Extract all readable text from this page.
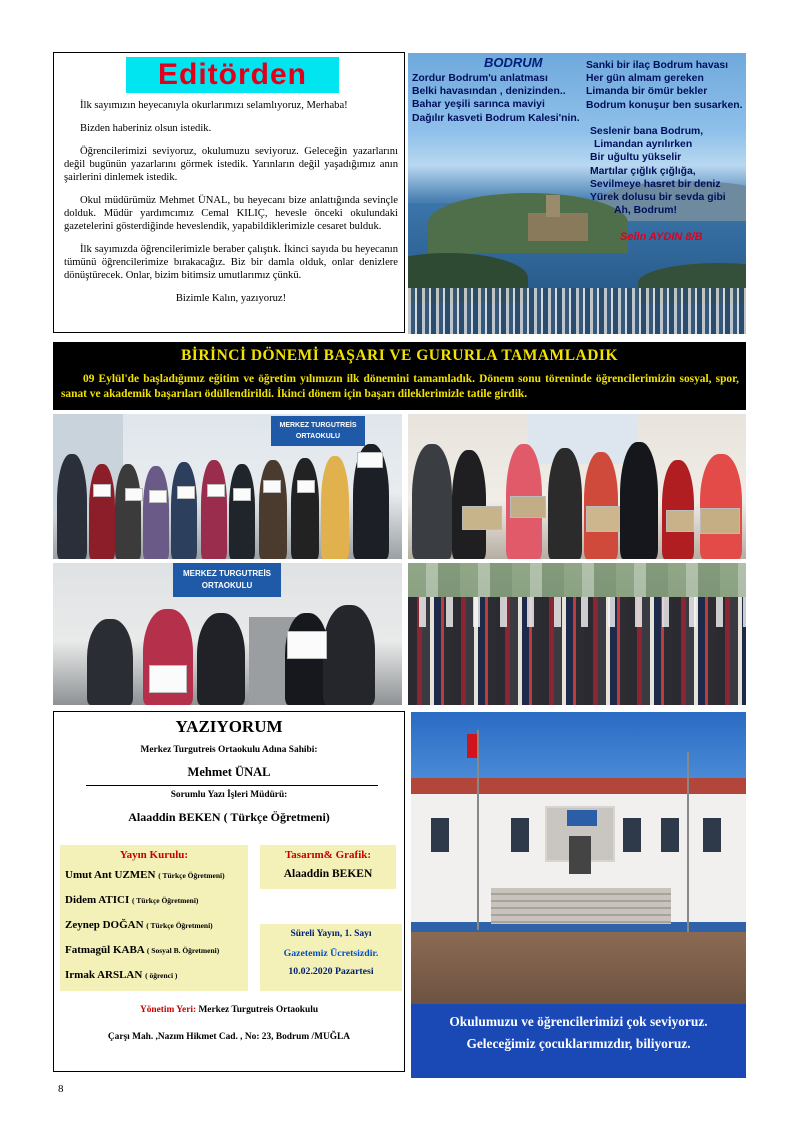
Editörden

İlk sayımızın heyecanıyla okurlarımızı selamlıyoruz, Merhaba!

Bizden haberiniz olsun istedik.

Öğrencilerimizi seviyoruz, okulumuzu seviyoruz. Geleceğin yazarlarını değil bugünün yazarlarını görmek istedik. Yarınların değil yaşadığımız anın şairlerini dinlemek istedik.

Okul müdürümüz Mehmet ÜNAL, bu heyecanı bize anlattığında sevinçle dolduk. Müdür yardımcımız Cemal KILIÇ, hevesle önceki okulundaki gazetelerini gösterdiğinde heveslendik, yapabildiklerimizle cesaret bulduk.

İlk sayımızda öğrencilerimizle beraber çalıştık. İkinci sayıda bu heyecanın tümünü öğrencilerimize bırakacağız. Biz bir damla olduk, onlar denizlere dönüştürecek. Onlar, bizim bitimsiz umutlarımız çünkü.

Bizimle Kalın, yazıyoruz!

BODRUM
Zordur Bodrum'u anlatması
Belki havasından , denizinden..
Bahar yeşili sarınca maviyi
Dağılır kasveti Bodrum Kalesi'nin.
Sanki bir ilaç Bodrum havası
Her gün almam gereken
Limanda bir ömür bekler
Bodrum konuşur ben susarken.
Seslenir bana Bodrum,
Limandan ayrılırken
Bir uğultu yükselir
Martılar çığlık çığlığa,
Sevilmeye hasret bir deniz
Yürek dolusu bir sevda gibi
Ah, Bodrum!
Selin AYDIN 8/B
BİRİNCİ DÖNEMİ BAŞARI VE GURURLA TAMAMLADIK
09 Eylül'de başladığımız eğitim ve öğretim yılımızın ilk dönemini tamamladık. Dönem sonu töreninde öğrencilerimizin sosyal, spor, sanat ve akademik başarıları ödüllendirildi. İkinci dönem için başarı dileklerimizle tatile girdik.
MERKEZ TURGUTREİS
ORTAOKULU
MERKEZ TURGUTREİS
ORTAOKULU
YAZIYORUM
Merkez Turgutreis Ortaokulu Adına Sahibi:
Mehmet ÜNAL
Sorumlu Yazı İşleri Müdürü:
Alaaddin BEKEN ( Türkçe Öğretmeni)
Yayın Kurulu:
Umut Ant UZMEN ( Türkçe Öğretmeni)
Didem ATICI ( Türkçe Öğretmeni)
Zeynep DOĞAN ( Türkçe Öğretmeni)
Fatmagül KABA ( Sosyal B. Öğretmeni)
Irmak ARSLAN ( öğrenci )
Tasarım& Grafik:
Alaaddin BEKEN
Süreli Yayın, 1. Sayı
Gazetemiz Ücretsizdir.
10.02.2020 Pazartesi
Yönetim Yeri: Merkez Turgutreis Ortaokulu
Çarşı Mah. ,Nazım Hikmet Cad. , No: 23, Bodrum /MUĞLA
Okulumuzu ve öğrencilerimizi çok seviyoruz.
Geleceğimiz çocuklarımızdır, biliyoruz.
8
